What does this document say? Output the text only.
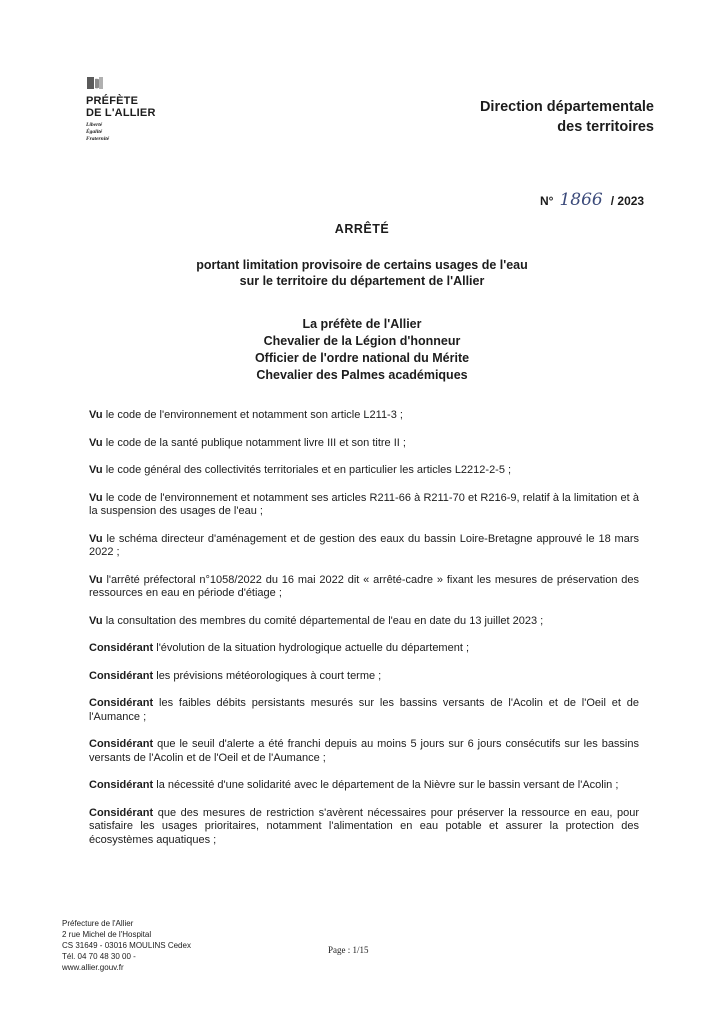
PRÉFÈTE
DE L'ALLIER
Liberté
Égalité
Fraternité
Direction départementale
des territoires
N° 1866 / 2023
ARRÊTÉ
portant limitation provisoire de certains usages de l'eau
sur le territoire du département de l'Allier
La préfète de l'Allier
Chevalier de la Légion d'honneur
Officier de l'ordre national du Mérite
Chevalier des Palmes académiques

Vu le code de l'environnement et notamment son article L211-3 ;

Vu le code de la santé publique notamment livre III et son titre II ;

Vu le code général des collectivités territoriales et en particulier les articles L2212-2-5 ;

Vu le code de l'environnement et notamment ses articles R211-66 à R211-70 et R216-9, relatif à la limitation et à la suspension des usages de l'eau ;

Vu le schéma directeur d'aménagement et de gestion des eaux du bassin Loire-Bretagne approuvé le 18 mars 2022 ;

Vu l'arrêté préfectoral n°1058/2022 du 16 mai 2022 dit « arrêté-cadre » fixant les mesures de préservation des ressources en eau en période d'étiage ;

Vu la consultation des membres du comité départemental de l'eau en date du 13 juillet 2023 ;

Considérant l'évolution de la situation hydrologique actuelle du département ;

Considérant les prévisions météorologiques à court terme ;

Considérant les faibles débits persistants mesurés sur les bassins versants de l'Acolin et de l'Oeil et de l'Aumance ;

Considérant que le seuil d'alerte a été franchi depuis au moins 5 jours sur 6 jours consécutifs sur les bassins versants de l'Acolin et de l'Oeil et de l'Aumance ;

Considérant la nécessité d'une solidarité avec le département de la Nièvre sur le bassin versant de l'Acolin ;

Considérant que des mesures de restriction s'avèrent nécessaires pour préserver la ressource en eau, pour satisfaire les usages prioritaires, notamment l'alimentation en eau potable et assurer la protection des écosystèmes aquatiques ;

Préfecture de l'Allier
2 rue Michel de l'Hospital
CS 31649 - 03016 MOULINS Cedex
Tél. 04 70 48 30 00 -
www.allier.gouv.fr
Page : 1/15
